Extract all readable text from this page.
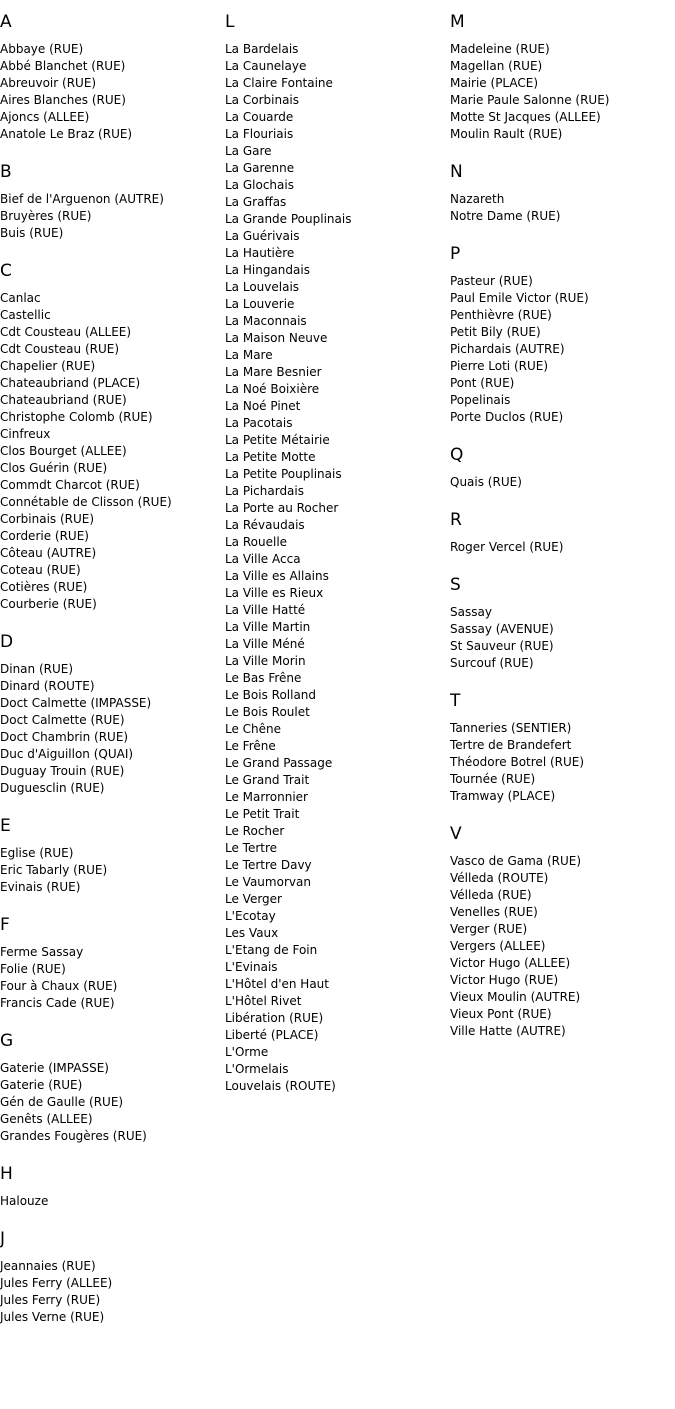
A
Abbaye (RUE)
Abbé Blanchet (RUE)
Abreuvoir (RUE)
Aires Blanches (RUE)
Ajoncs (ALLEE)
Anatole Le Braz (RUE)
B
Bief de l'Arguenon (AUTRE)
Bruyères (RUE)
Buis (RUE)
C
Canlac
Castellic
Cdt Cousteau (ALLEE)
Cdt Cousteau (RUE)
Chapelier (RUE)
Chateaubriand (PLACE)
Chateaubriand (RUE)
Christophe Colomb (RUE)
Cinfreux
Clos Bourget (ALLEE)
Clos Guérin (RUE)
Commdt Charcot (RUE)
Connétable de Clisson (RUE)
Corbinais (RUE)
Corderie (RUE)
Côteau (AUTRE)
Coteau (RUE)
Cotières (RUE)
Courberie (RUE)
D
Dinan (RUE)
Dinard (ROUTE)
Doct Calmette (IMPASSE)
Doct Calmette (RUE)
Doct Chambrin (RUE)
Duc d'Aiguillon (QUAI)
Duguay Trouin (RUE)
Duguesclin (RUE)
E
Eglise (RUE)
Eric Tabarly (RUE)
Evinais (RUE)
F
Ferme Sassay
Folie (RUE)
Four à Chaux (RUE)
Francis Cade (RUE)
G
Gaterie (IMPASSE)
Gaterie (RUE)
Gén de Gaulle (RUE)
Genêts (ALLEE)
Grandes Fougères (RUE)
H
Halouze
J
Jeannaies (RUE)
Jules Ferry (ALLEE)
Jules Ferry (RUE)
Jules Verne (RUE)
L
La Bardelais
La Caunelaye
La Claire Fontaine
La Corbinais
La Couarde
La Flouriais
La Gare
La Garenne
La Glochais
La Graffas
La Grande Pouplinais
La Guérivais
La Hautière
La Hingandais
La Louvelais
La Louverie
La Maconnais
La Maison Neuve
La Mare
La Mare Besnier
La Noé Boixière
La Noé Pinet
La Pacotais
La Petite Métairie
La Petite Motte
La Petite Pouplinais
La Pichardais
La Porte au Rocher
La Révaudais
La Rouelle
La Ville Acca
La Ville es Allains
La Ville es Rieux
La Ville Hatté
La Ville Martin
La Ville Méné
La Ville Morin
Le Bas Frêne
Le Bois Rolland
Le Bois Roulet
Le Chêne
Le Frêne
Le Grand Passage
Le Grand Trait
Le Marronnier
Le Petit Trait
Le Rocher
Le Tertre
Le Tertre Davy
Le Vaumorvan
Le Verger
L'Ecotay
Les Vaux
L'Etang de Foin
L'Evinais
L'Hôtel d'en Haut
L'Hôtel Rivet
Libération (RUE)
Liberté (PLACE)
L'Orme
L'Ormelais
Louvelais (ROUTE)
M
Madeleine (RUE)
Magellan (RUE)
Mairie (PLACE)
Marie Paule Salonne (RUE)
Motte St Jacques (ALLEE)
Moulin Rault (RUE)
N
Nazareth
Notre Dame (RUE)
P
Pasteur (RUE)
Paul Emile Victor (RUE)
Penthièvre (RUE)
Petit Bily (RUE)
Pichardais (AUTRE)
Pierre Loti (RUE)
Pont (RUE)
Popelinais
Porte Duclos (RUE)
Q
Quais (RUE)
R
Roger Vercel (RUE)
S
Sassay
Sassay (AVENUE)
St Sauveur (RUE)
Surcouf (RUE)
T
Tanneries (SENTIER)
Tertre de Brandefert
Théodore Botrel (RUE)
Tournée (RUE)
Tramway (PLACE)
V
Vasco de Gama (RUE)
Vélleda (ROUTE)
Vélleda (RUE)
Venelles (RUE)
Verger (RUE)
Vergers (ALLEE)
Victor Hugo (ALLEE)
Victor Hugo (RUE)
Vieux Moulin (AUTRE)
Vieux Pont (RUE)
Ville Hatte (AUTRE)
